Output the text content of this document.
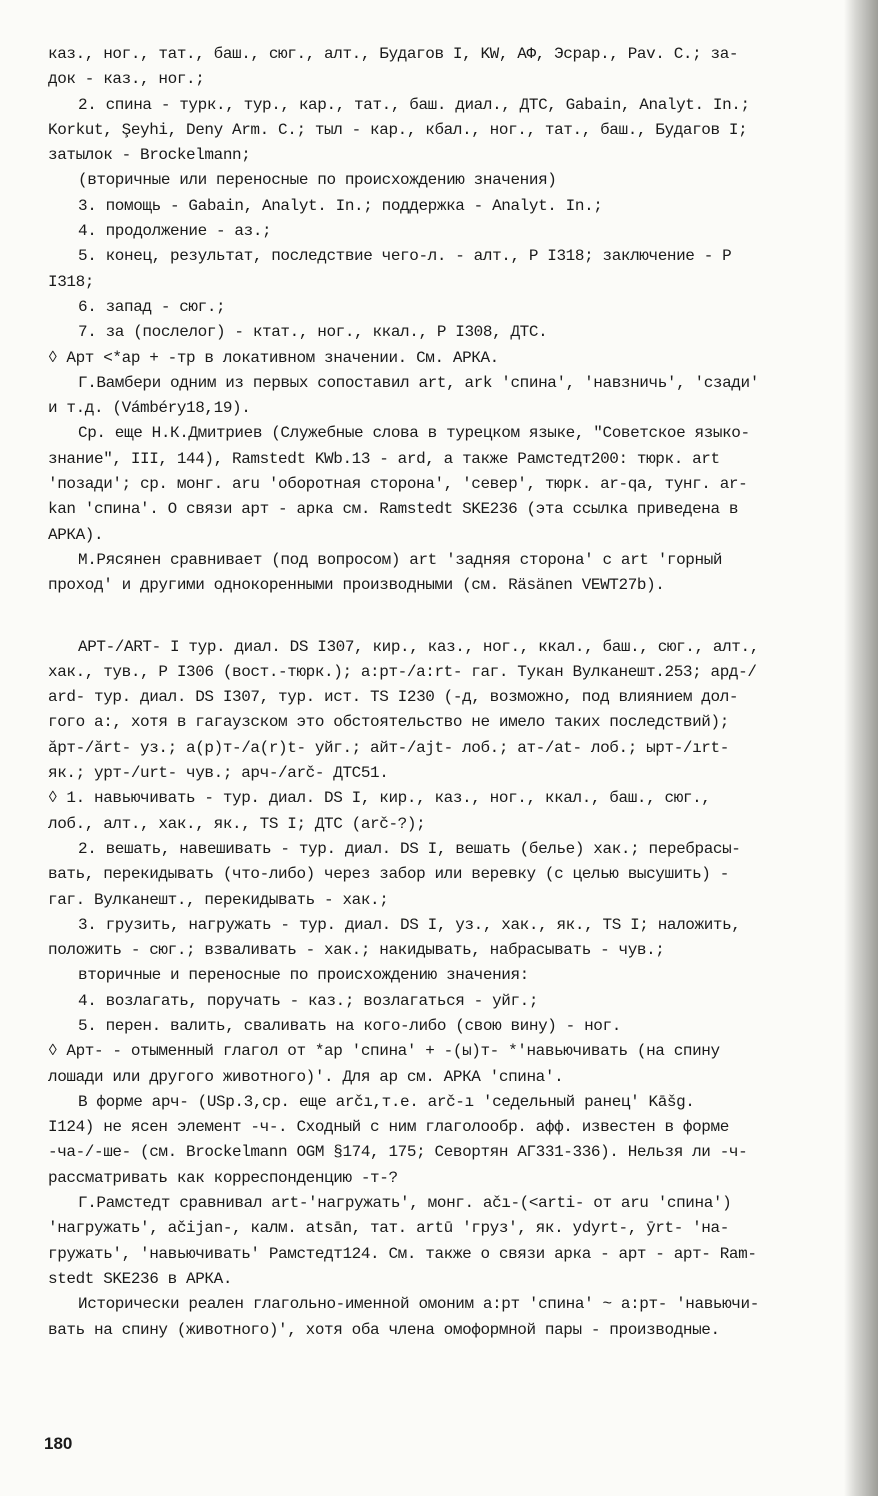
каз., ног., тат., баш., сюг., алт., Будагов I, KW, АФ, Эсрар., Pav. C.; за-
док - каз., ног.;
2. спина - турк., тур., кар., тат., баш. диал., ДТС, Gabain, Analyt. In.;
Korkut, Şeyhi, Deny Arm. C.; тыл - кар., кбал., ног., тат., баш., Будагов I;
затылок - Brockelmann;
(вторичные или переносные по происхождению значения)
3. помощь - Gabain, Analyt. In.; поддержка - Analyt. In.;
4. продолжение - аз.;
5. конец, результат, последствие чего-л. - алт., Р I318; заключение - Р
I318;
6. запад - сюг.;
7. за (послелог) - ктат., ног., ккал., Р I308, ДТС.
◊ Арт <*ар + -тр в локативном значении. См. АРКА.
Г.Вамбери одним из первых сопоставил art, ark 'спина', 'навзничь', 'сзади'
и т.д. (Vámbéry18,19).
Ср. еще Н.К.Дмитриев (Служебные слова в турецком языке, "Советское языко-
знание", III, 144), Ramstedt KWb.13 - ard, а также Рамстедт200: тюрк. art
'позади'; ср. монг. aru 'оборотная сторона', 'север', тюрк. ar-qa, тунг. ar-
kan 'спина'. О связи арт - арка см. Ramstedt SKE236 (эта ссылка приведена в
АРКА).
М.Рясянен сравнивает (под вопросом) art 'задняя сторона' с art 'горный
проход' и другими однокоренными производными (см. Räsänen VEWT27b).
АРТ-/ART- I тур. диал. DS I307, кир., каз., ног., ккал., баш., сюг., алт.,
хак., тув., Р I306 (вост.-тюрк.); а:рт-/a:rt- гаг. Тукан Вулканешт.253; ард-/
ard- тур. диал. DS I307, тур. ист. TS I230 (-д, возможно, под влиянием дол-
гого а:, хотя в гагаузском это обстоятельство не имело таких последствий);
ăрт-/ărt- уз.; а(р)т-/a(r)t- уйг.; айт-/ajt- лоб.; ат-/at- лоб.; ырт-/ırt-
як.; урт-/urt- чув.; арч-/arč- ДТС51.
◊ 1. навьючивать - тур. диал. DS I, кир., каз., ног., ккал., баш., сюг.,
лоб., алт., хак., як., TS I; ДТС (arč-?);
2. вешать, навешивать - тур. диал. DS I, вешать (белье) хак.; перебрасы-
вать, перекидывать (что-либо) через забор или веревку (с целью высушить) -
гаг. Вулканешт., перекидывать - хак.;
3. грузить, нагружать - тур. диал. DS I, уз., хак., як., TS I; наложить,
положить - сюг.; взваливать - хак.; накидывать, набрасывать - чув.;
вторичные и переносные по происхождению значения:
4. возлагать, поручать - каз.; возлагаться - уйг.;
5. перен. валить, сваливать на кого-либо (свою вину) - ног.
◊ Арт- - отыменный глагол от *ар 'спина' + -(ы)т- *'навьючивать (на спину
лошади или другого животного)'. Для ар см. АРКА 'спина'.
В форме арч- (USp.3,ср. еще arčı,т.е. arč-ı 'седельный ранец' Kāšg.
I124) не ясен элемент -ч-. Сходный с ним глаголообр. афф. известен в форме
-ча-/-ше- (см. Brockelmann OGM §174, 175; Севортян АГ331-336). Нельзя ли -ч-
рассматривать как корреспонденцию -т-?
Г.Рамстедт сравнивал art-'нагружать', монг. ačı-(<arti- от aru 'спина')
'нагружать', ačijan-, калм. atsān, тат. artū 'груз', як. ydyrt-, ȳrt- 'на-
гружать', 'навьючивать' Рамстедт124. См. также о связи арка - арт - арт- Ram-
stedt SKE236 в АРКА.
Исторически реален глагольно-именной омоним а:рт 'спина' ~ а:рт- 'навьючи-
вать на спину (животного)', хотя оба члена омоформной пары - производные.
180
